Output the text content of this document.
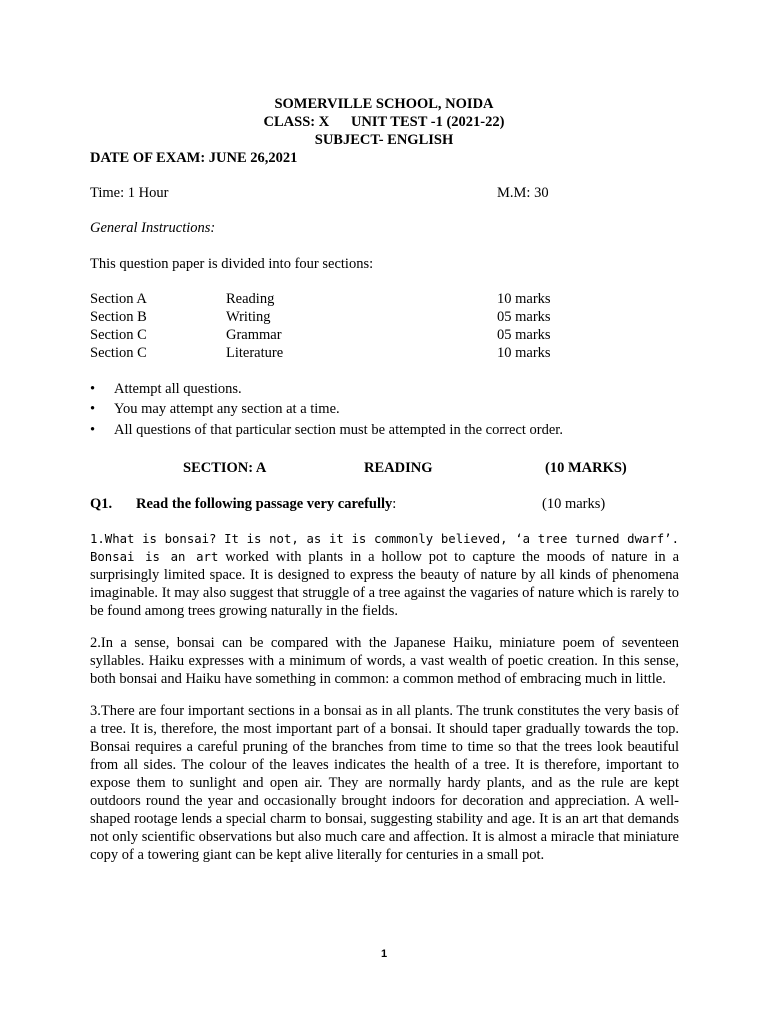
SOMERVILLE SCHOOL, NOIDA
CLASS: X      UNIT TEST -1 (2021-22)
SUBJECT- ENGLISH
DATE OF EXAM: JUNE 26,2021
Time: 1 Hour	M.M: 30
General Instructions:
This question paper is divided into four sections:
Section A	Reading	10 marks
Section B	Writing	05 marks
Section C	Grammar	05 marks
Section C	Literature	10 marks
• Attempt all questions.
• You may attempt any section at a time.
• All questions of that particular section must be attempted in the correct order.
SECTION: A	READING	(10 MARKS)
Q1. Read the following passage very carefully:	(10 marks)
1.What is bonsai? It is not, as it is commonly believed, ‘a tree turned dwarf’. Bonsai is an art worked with plants in a hollow pot to capture the moods of nature in a surprisingly limited space. It is designed to express the beauty of nature by all kinds of phenomena imaginable. It may also suggest that struggle of a tree against the vagaries of nature which is rarely to be found among trees growing naturally in the fields.
2.In a sense, bonsai can be compared with the Japanese Haiku, miniature poem of seventeen syllables. Haiku expresses with a minimum of words, a vast wealth of poetic creation. In this sense, both bonsai and Haiku have something in common: a common method of embracing much in little.
3.There are four important sections in a bonsai as in all plants. The trunk constitutes the very basis of a tree. It is, therefore, the most important part of a bonsai. It should taper gradually towards the top. Bonsai requires a careful pruning of the branches from time to time so that the trees look beautiful from all sides. The colour of the leaves indicates the health of a tree. It is therefore, important to expose them to sunlight and open air. They are normally hardy plants, and as the rule are kept outdoors round the year and occasionally brought indoors for decoration and appreciation. A well-shaped rootage lends a special charm to bonsai, suggesting stability and age. It is an art that demands not only scientific observations but also much care and affection. It is almost a miracle that miniature copy of a towering giant can be kept alive literally for centuries in a small pot.
1
